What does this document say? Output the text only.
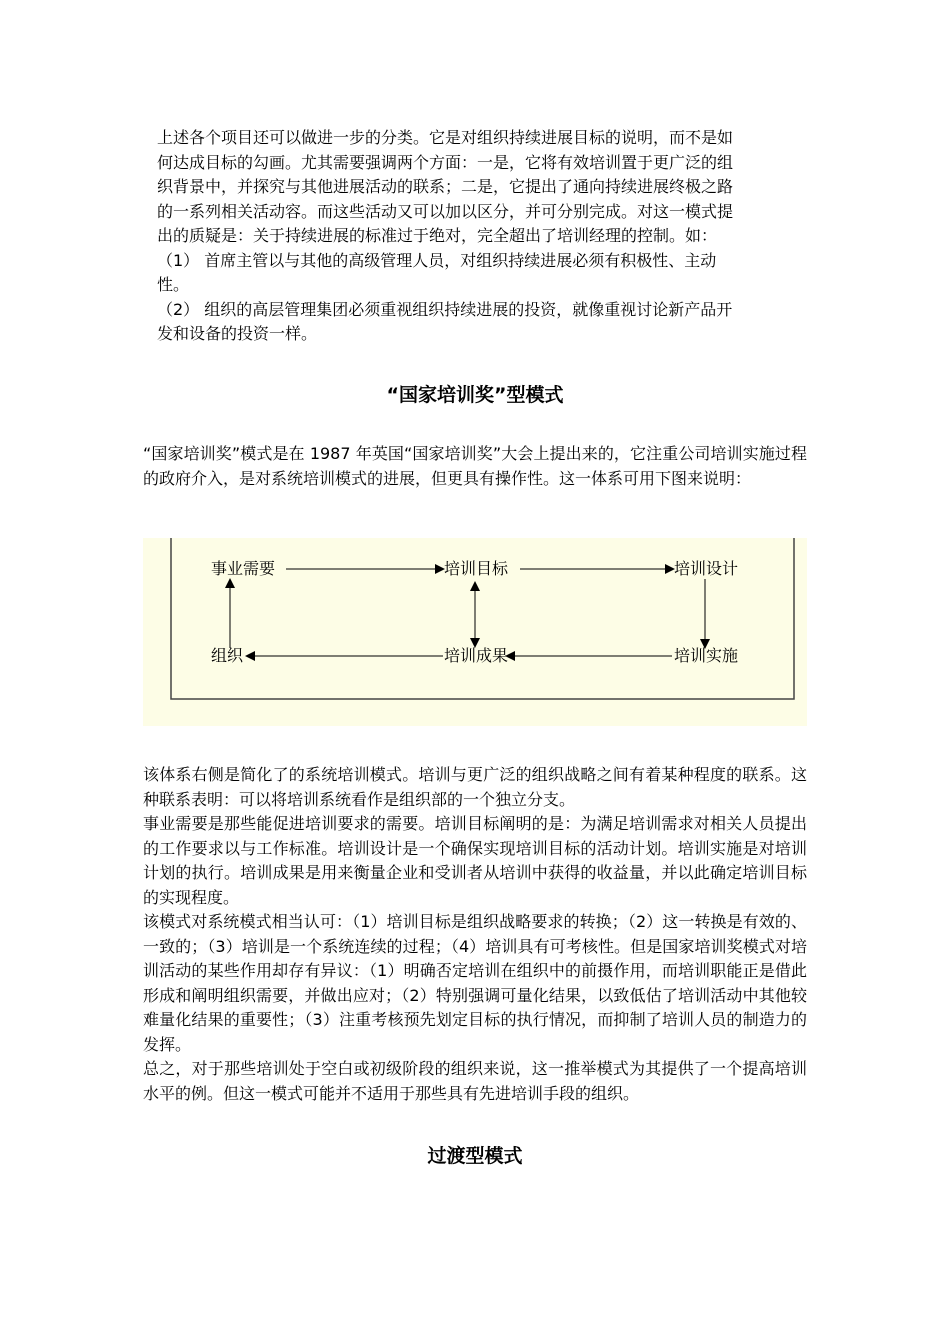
上述各个项目还可以做进一步的分类。它是对组织持续进展目标的说明，而不是如
何达成目标的勾画。尤其需要强调两个方面：一是，它将有效培训置于更广泛的组
织背景中，并探究与其他进展活动的联系；二是，它提出了通向持续进展终极之路
的一系列相关活动容。而这些活动又可以加以区分，并可分别完成。对这一模式提
出的质疑是：关于持续进展的标准过于绝对，完全超出了培训经理的控制。如：
（1） 首席主管以与其他的高级管理人员，对组织持续进展必须有积极性、主动
性。
（2） 组织的高层管理集团必须重视组织持续进展的投资，就像重视讨论新产品开
发和设备的投资一样。
“国家培训奖”型模式

“国家培训奖”模式是在 1987 年英国“国家培训奖”大会上提出来的，它注重公司培训实施过程的政府介入，是对系统培训模式的进展，但更具有操作性。这一体系可用下图来说明：

事业需要	培训目标	培训设计
组织	培训成果	培训实施
该体系右侧是简化了的系统培训模式。培训与更广泛的组织战略之间有着某种程度的联系。这种联系表明：可以将培训系统看作是组织部的一个独立分支。
事业需要是那些能促进培训要求的需要。培训目标阐明的是：为满足培训需求对相关人员提出的工作要求以与工作标准。培训设计是一个确保实现培训目标的活动计划。培训实施是对培训计划的执行。培训成果是用来衡量企业和受训者从培训中获得的收益量，并以此确定培训目标的实现程度。
该模式对系统模式相当认可：（1）培训目标是组织战略要求的转换；（2）这一转换是有效的、一致的；（3）培训是一个系统连续的过程；（4）培训具有可考核性。但是国家培训奖模式对培训活动的某些作用却存有异议：（1）明确否定培训在组织中的前摄作用，而培训职能正是借此形成和阐明组织需要，并做出应对；（2）特别强调可量化结果，以致低估了培训活动中其他较难量化结果的重要性；（3）注重考核预先划定目标的执行情况，而抑制了培训人员的制造力的发挥。
总之，对于那些培训处于空白或初级阶段的组织来说，这一推举模式为其提供了一个提高培训水平的例。但这一模式可能并不适用于那些具有先进培训手段的组织。
过渡型模式
